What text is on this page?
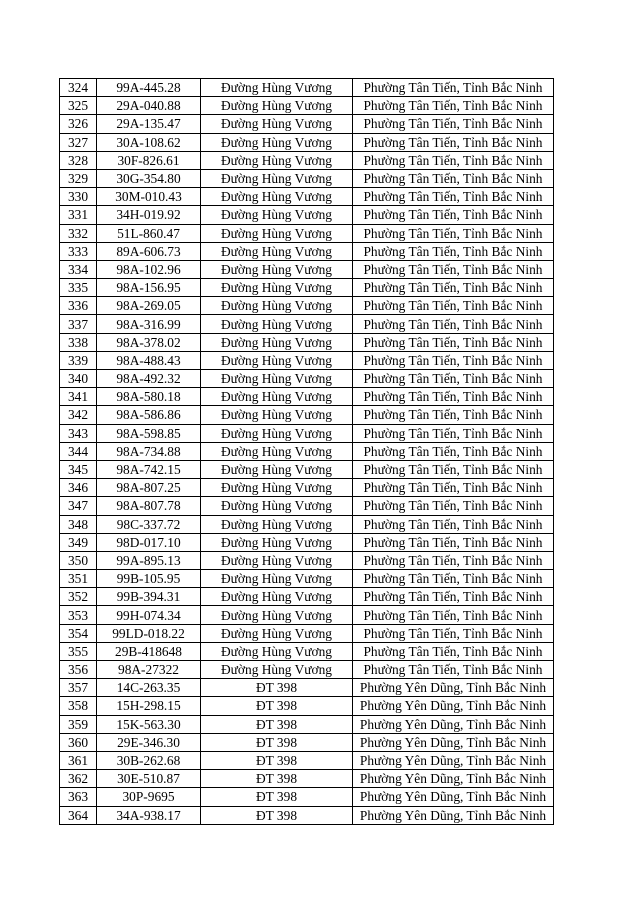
324	99A-445.28	Đường Hùng Vương	Phường Tân Tiến, Tỉnh Bắc Ninh
325	29A-040.88	Đường Hùng Vương	Phường Tân Tiến, Tỉnh Bắc Ninh
326	29A-135.47	Đường Hùng Vương	Phường Tân Tiến, Tỉnh Bắc Ninh
327	30A-108.62	Đường Hùng Vương	Phường Tân Tiến, Tỉnh Bắc Ninh
328	30F-826.61	Đường Hùng Vương	Phường Tân Tiến, Tỉnh Bắc Ninh
329	30G-354.80	Đường Hùng Vương	Phường Tân Tiến, Tỉnh Bắc Ninh
330	30M-010.43	Đường Hùng Vương	Phường Tân Tiến, Tỉnh Bắc Ninh
331	34H-019.92	Đường Hùng Vương	Phường Tân Tiến, Tỉnh Bắc Ninh
332	51L-860.47	Đường Hùng Vương	Phường Tân Tiến, Tỉnh Bắc Ninh
333	89A-606.73	Đường Hùng Vương	Phường Tân Tiến, Tỉnh Bắc Ninh
334	98A-102.96	Đường Hùng Vương	Phường Tân Tiến, Tỉnh Bắc Ninh
335	98A-156.95	Đường Hùng Vương	Phường Tân Tiến, Tỉnh Bắc Ninh
336	98A-269.05	Đường Hùng Vương	Phường Tân Tiến, Tỉnh Bắc Ninh
337	98A-316.99	Đường Hùng Vương	Phường Tân Tiến, Tỉnh Bắc Ninh
338	98A-378.02	Đường Hùng Vương	Phường Tân Tiến, Tỉnh Bắc Ninh
339	98A-488.43	Đường Hùng Vương	Phường Tân Tiến, Tỉnh Bắc Ninh
340	98A-492.32	Đường Hùng Vương	Phường Tân Tiến, Tỉnh Bắc Ninh
341	98A-580.18	Đường Hùng Vương	Phường Tân Tiến, Tỉnh Bắc Ninh
342	98A-586.86	Đường Hùng Vương	Phường Tân Tiến, Tỉnh Bắc Ninh
343	98A-598.85	Đường Hùng Vương	Phường Tân Tiến, Tỉnh Bắc Ninh
344	98A-734.88	Đường Hùng Vương	Phường Tân Tiến, Tỉnh Bắc Ninh
345	98A-742.15	Đường Hùng Vương	Phường Tân Tiến, Tỉnh Bắc Ninh
346	98A-807.25	Đường Hùng Vương	Phường Tân Tiến, Tỉnh Bắc Ninh
347	98A-807.78	Đường Hùng Vương	Phường Tân Tiến, Tỉnh Bắc Ninh
348	98C-337.72	Đường Hùng Vương	Phường Tân Tiến, Tỉnh Bắc Ninh
349	98D-017.10	Đường Hùng Vương	Phường Tân Tiến, Tỉnh Bắc Ninh
350	99A-895.13	Đường Hùng Vương	Phường Tân Tiến, Tỉnh Bắc Ninh
351	99B-105.95	Đường Hùng Vương	Phường Tân Tiến, Tỉnh Bắc Ninh
352	99B-394.31	Đường Hùng Vương	Phường Tân Tiến, Tỉnh Bắc Ninh
353	99H-074.34	Đường Hùng Vương	Phường Tân Tiến, Tỉnh Bắc Ninh
354	99LD-018.22	Đường Hùng Vương	Phường Tân Tiến, Tỉnh Bắc Ninh
355	29B-418648	Đường Hùng Vương	Phường Tân Tiến, Tỉnh Bắc Ninh
356	98A-27322	Đường Hùng Vương	Phường Tân Tiến, Tỉnh Bắc Ninh
357	14C-263.35	ĐT 398	Phường Yên Dũng, Tỉnh Bắc Ninh
358	15H-298.15	ĐT 398	Phường Yên Dũng, Tỉnh Bắc Ninh
359	15K-563.30	ĐT 398	Phường Yên Dũng, Tỉnh Bắc Ninh
360	29E-346.30	ĐT 398	Phường Yên Dũng, Tỉnh Bắc Ninh
361	30B-262.68	ĐT 398	Phường Yên Dũng, Tỉnh Bắc Ninh
362	30E-510.87	ĐT 398	Phường Yên Dũng, Tỉnh Bắc Ninh
363	30P-9695	ĐT 398	Phường Yên Dũng, Tỉnh Bắc Ninh
364	34A-938.17	ĐT 398	Phường Yên Dũng, Tỉnh Bắc Ninh
